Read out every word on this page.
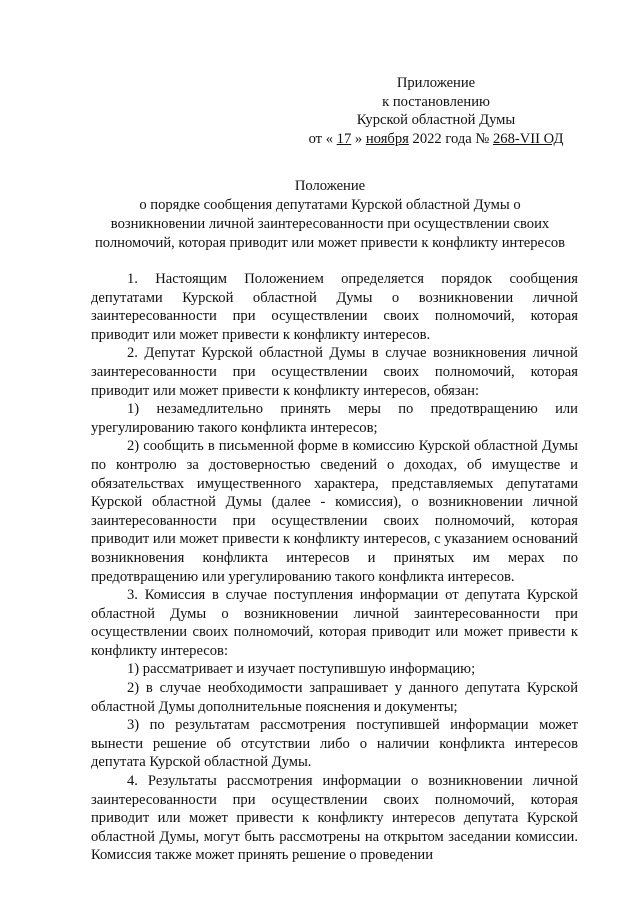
Приложение
к постановлению
Курской областной Думы
от « 17 » ноября 2022 года № 268-VII ОД
Положение
о порядке сообщения депутатами Курской областной Думы о
возникновении личной заинтересованности при осуществлении своих
полномочий, которая приводит или может привести к конфликту интересов

1. Настоящим Положением определяется порядок сообщения депутатами Курской областной Думы о возникновении личной заинтересованности при осуществлении своих полномочий, которая приводит или может привести к конфликту интересов.

2. Депутат Курской областной Думы в случае возникновения личной заинтересованности при осуществлении своих полномочий, которая приводит или может привести к конфликту интересов, обязан:

1) незамедлительно принять меры по предотвращению или урегулированию такого конфликта интересов;

2) сообщить в письменной форме в комиссию Курской областной Думы по контролю за достоверностью сведений о доходах, об имуществе и обязательствах имущественного характера, представляемых депутатами Курской областной Думы (далее - комиссия), о возникновении личной заинтересованности при осуществлении своих полномочий, которая приводит или может привести к конфликту интересов, с указанием оснований возникновения конфликта интересов и принятых им мерах по предотвращению или урегулированию такого конфликта интересов.

3. Комиссия в случае поступления информации от депутата Курской областной Думы о возникновении личной заинтересованности при осуществлении своих полномочий, которая приводит или может привести к конфликту интересов:

1) рассматривает и изучает поступившую информацию;

2) в случае необходимости запрашивает у данного депутата Курской областной Думы дополнительные пояснения и документы;

3) по результатам рассмотрения поступившей информации может вынести решение об отсутствии либо о наличии конфликта интересов депутата Курской областной Думы.

4. Результаты рассмотрения информации о возникновении личной заинтересованности при осуществлении своих полномочий, которая приводит или может привести к конфликту интересов депутата Курской областной Думы, могут быть рассмотрены на открытом заседании комиссии. Комиссия также может принять решение о проведении
